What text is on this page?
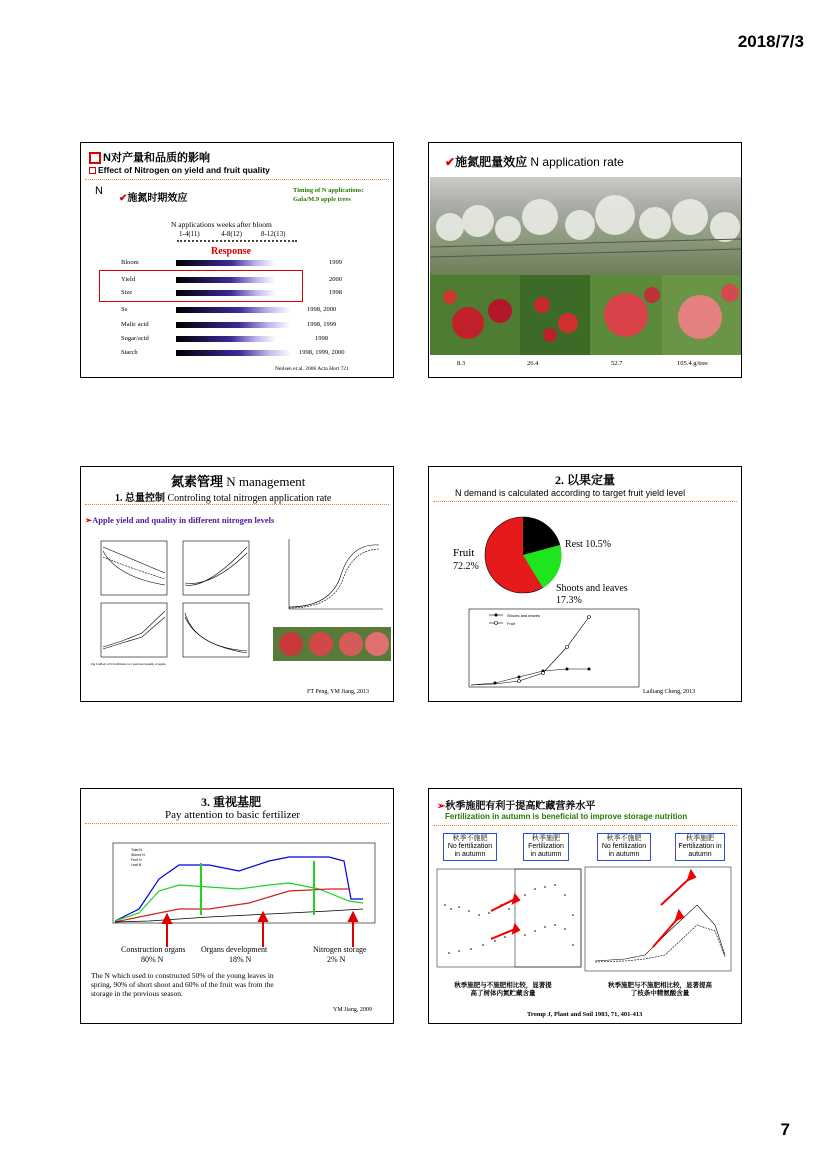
2018/7/3
N对产量和品质的影响
Effect of Nitrogen on yield and fruit quality
N
✔施氮时期效应
Timing of N applications:
Gala/M.9 apple trees
N applications weeks after bloom
1-4(11)	4-8(12)	8-12(13)
Response
Bloom	1999
Yield	2000
Size	1998
Ss	1998, 2000
Malic acid	1998, 1999
Sugar/acid	1998
Starch	1998, 1999, 2000
Neilsen et al. 2006 Acta Hort 721
✔施氮肥量效应 N application rate
8.3	26.4	52.7	105.4 g/tree
氮素管理 N management
1. 总量控制 Controling total nitrogen application rate
➢Apple yield and quality in different nitrogen levels
Fig.1 Effect of N fertilization on yield and quality of apple
FT Peng, YM Jiang, 2013
2. 以果定量
N demand is calculated according to target fruit yield level
Fruit
72.2%
Rest 10.5%
Shoots and leaves
17.3%
Shoots and leaves
Fruit
Lailiang Cheng, 2013
3. 重视基肥
Pay attention to basic fertilizer
Total N
Stored N
Fruit N
Leaf N
Construction organs
80% N
Organs development
18% N
Nitrogen storage
2% N
The N which used to constructed 50% of the young leaves in spring, 90% of short shoot and 60% of the fruit was from the storage in the previous season.
YM Jiang, 2009
➢秋季施肥有利于提高贮藏营养水平
Fertilization in autumn is beneficial to improve storage nutrition
秋季不施肥
No fertilization in autumn
秋季施肥
Fertilization in autumn
秋季不施肥
No fertilization in autumn
秋季施肥
Fertilization in autumn
秋季施肥与不施肥相比较，显著提高了树体内氮贮藏含量
秋季施肥与不施肥相比较，显著提高了枝条中精氨酸含量
Tromp J, Plant and Soil 1983, 71, 401-413
7
